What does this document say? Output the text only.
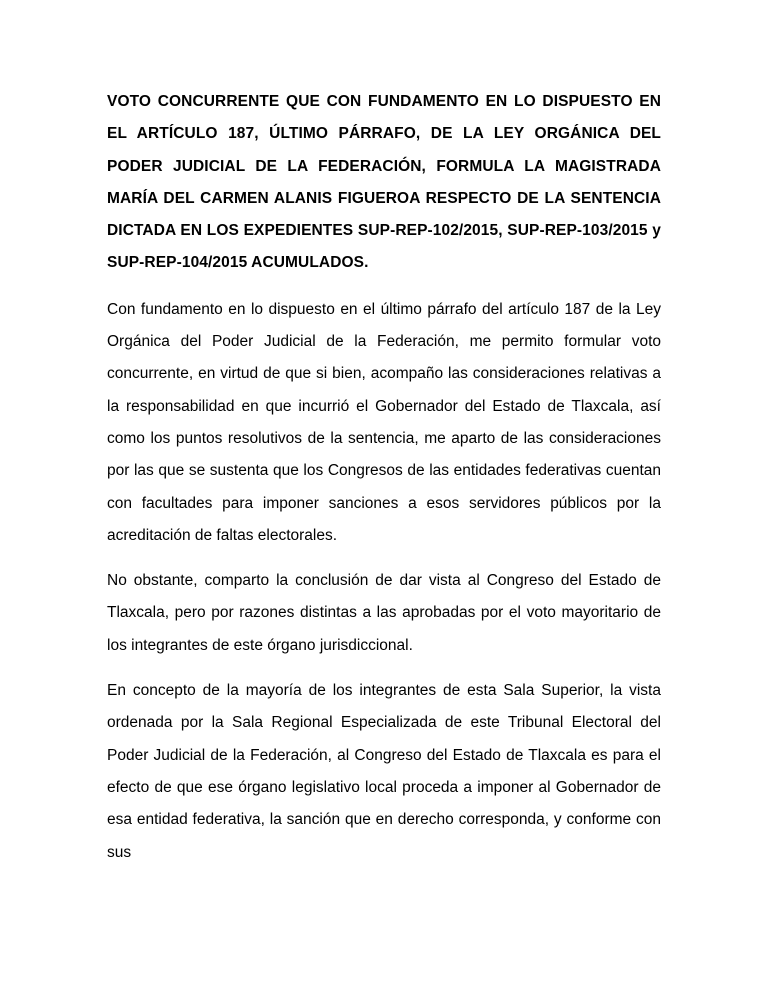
VOTO CONCURRENTE QUE CON FUNDAMENTO EN LO DISPUESTO EN EL ARTÍCULO 187, ÚLTIMO PÁRRAFO, DE LA LEY ORGÁNICA DEL PODER JUDICIAL DE LA FEDERACIÓN, FORMULA LA MAGISTRADA MARÍA DEL CARMEN ALANIS FIGUEROA RESPECTO DE LA SENTENCIA DICTADA EN LOS EXPEDIENTES SUP-REP-102/2015, SUP-REP-103/2015 y SUP-REP-104/2015 ACUMULADOS.

Con fundamento en lo dispuesto en el último párrafo del artículo 187 de la Ley Orgánica del Poder Judicial de la Federación, me permito formular voto concurrente, en virtud de que si bien, acompaño las consideraciones relativas a la responsabilidad en que incurrió el Gobernador del Estado de Tlaxcala, así como los puntos resolutivos de la sentencia, me aparto de las consideraciones por las que se sustenta que los Congresos de las entidades federativas cuentan con facultades para imponer sanciones a esos servidores públicos por la acreditación de faltas electorales.

No obstante, comparto la conclusión de dar vista al Congreso del Estado de Tlaxcala, pero por razones distintas a las aprobadas por el voto mayoritario de los integrantes de este órgano jurisdiccional.

En concepto de la mayoría de los integrantes de esta Sala Superior, la vista ordenada por la Sala Regional Especializada de este Tribunal Electoral del Poder Judicial de la Federación, al Congreso del Estado de Tlaxcala es para el efecto de que ese órgano legislativo local proceda a imponer al Gobernador de esa entidad federativa, la sanción que en derecho corresponda, y conforme con sus
